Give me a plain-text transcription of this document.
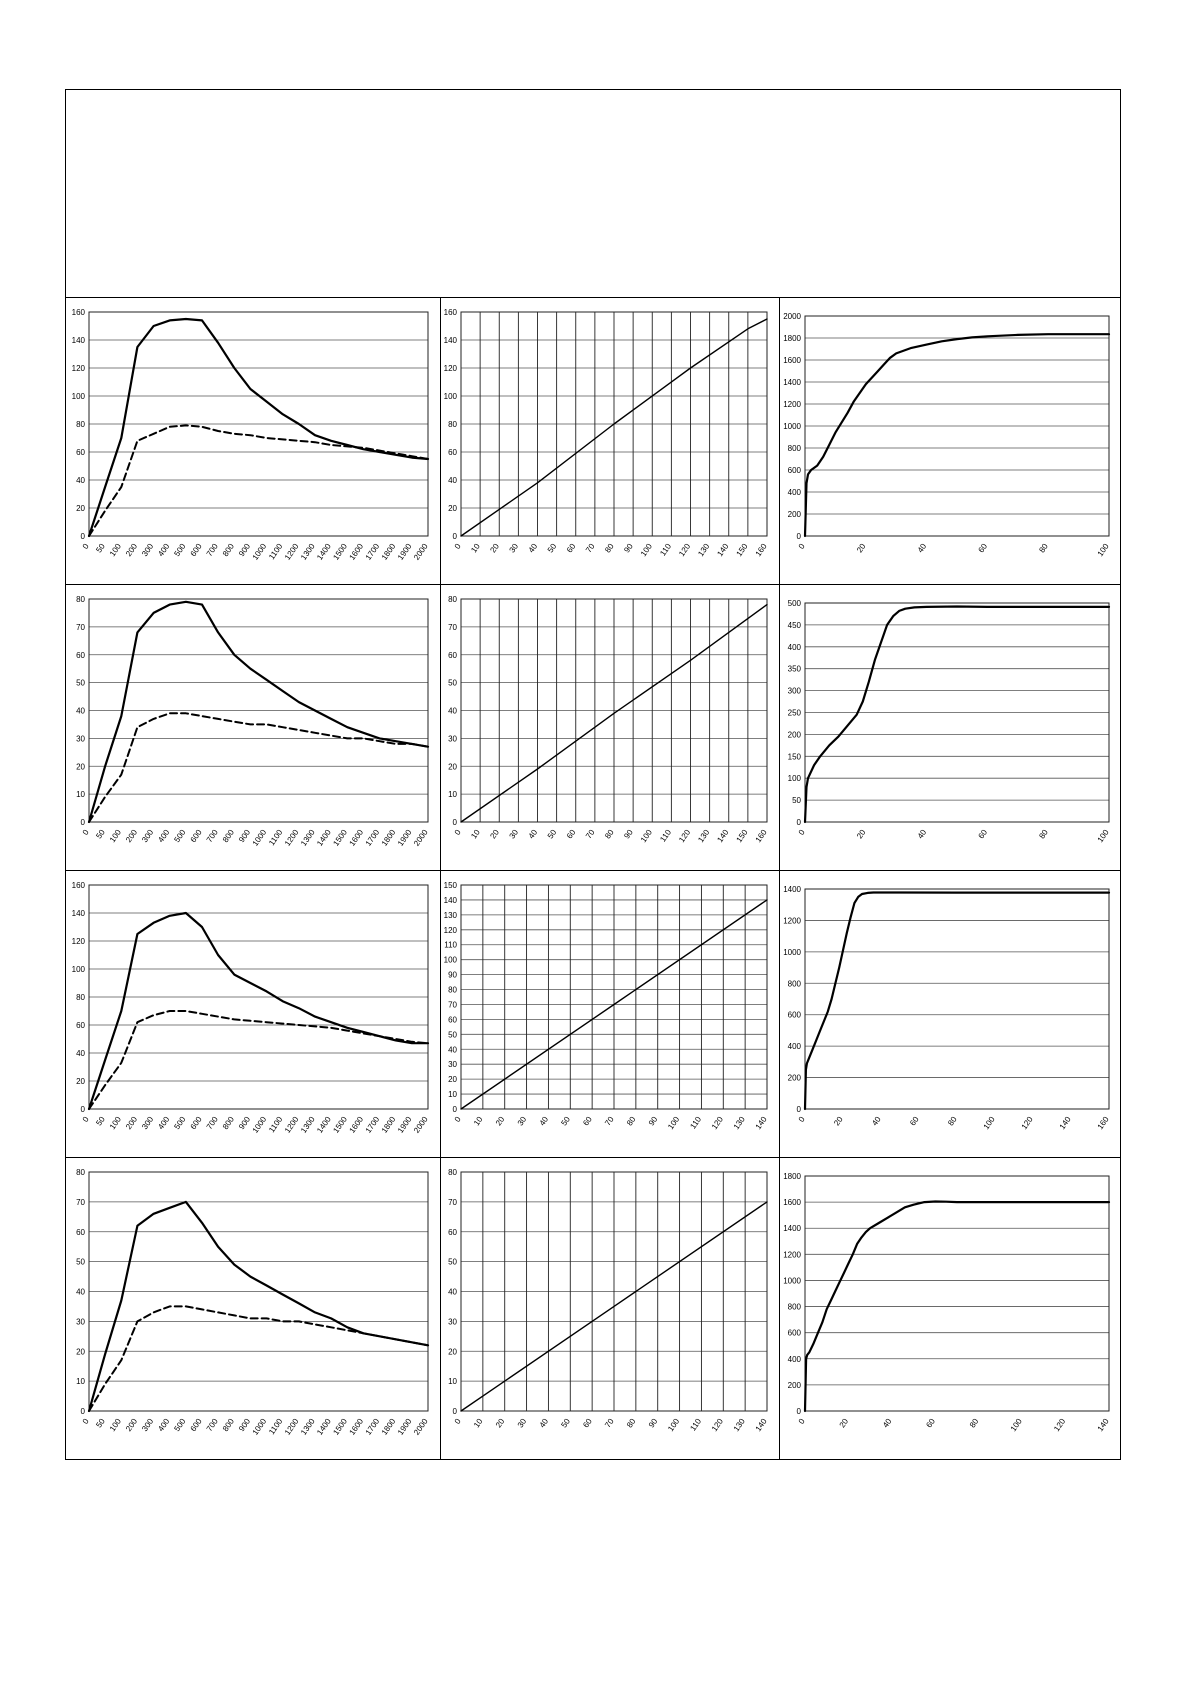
0
20
40
60
80
100
120
140
160
0 50 100 200 300 400 500 600 700 800 900
1000
1100
1200
1300
1400
1500
1600
1700
1800
1900
2000
0
20
40
60
80
100
120
140
160
0 10 20 30 40 50 60 70 80 90 100 110 120 130 140 150 160
0
200
400
600
800
1000
1200
1400
1600
1800
2000
0	20	40	60	80	100
0
10
20
30
40
50
60
70
80
0 50 100 200 300 400 500 600 700 800 900
1000
1100
1200
1300
1400
1500
1600
1700
1800
1900
2000
0
10
20
30
40
50
60
70
80
0 10 20 30 40 50 60 70 80 90 100 110 120 130 140 150 160
0
50
100
150
200
250
300
350
400
450
500
0	20	40	60	80	100
0
20
40
60
80
100
120
140
160
0 50 100 200 300 400 500 600 700 800 900
1000
1100
1200
1300
1400
1500
1600
1700
1800
1900
2000
0
10
20
30
40
50
60
70
80
90
100
110
120
130
140
150
0 10 20 30 40 50 60 70 80 90 100 110 120 130 140
0
200
400
600
800
1000
1200
1400
0	20	40	60	80	100	120	140	160
0
10
20
30
40
50
60
70
80
0 50 100 200 300 400 500 600 700 800 900
1000
1100
1200
1300
1400
1500
1600
1700
1800
1900
2000
0
10
20
30
40
50
60
70
80
0 10 20 30 40 50 60 70 80 90 100 110 120 130 140
0
200
400
600
800
1000
1200
1400
1600
1800
0	20	40	60	80	100	120	140
